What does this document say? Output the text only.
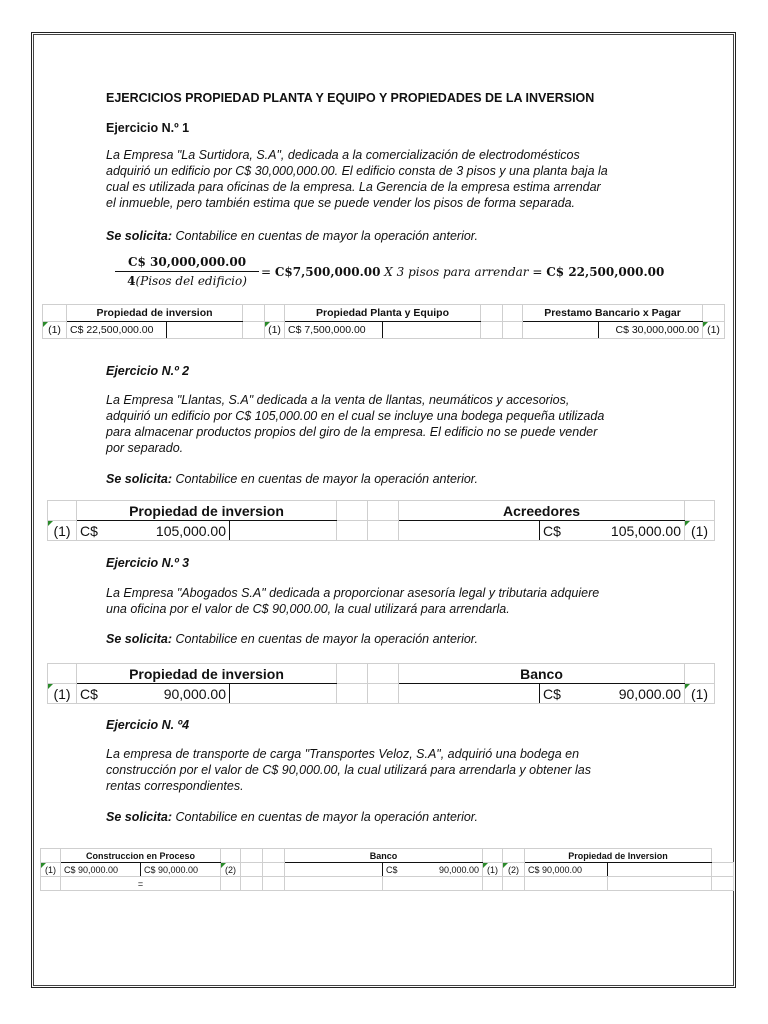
EJERCICIOS PROPIEDAD PLANTA Y EQUIPO Y PROPIEDADES DE LA INVERSION
Ejercicio N.º 1
La Empresa "La Surtidora, S.A", dedicada a la comercialización de electrodomésticos
adquirió un edificio por C$ 30,000,000.00. El edificio consta de 3 pisos y una planta baja la
cual es utilizada para oficinas de la empresa. La Gerencia de la empresa estima arrendar
el inmueble, pero también estima que se puede vender los pisos de forma separada.
Se solicita: Contabilice en cuentas de mayor la operación anterior.
C$ 30,000,000.00
4(Pisos del edificio)
= C$7,500,000.00 X 3 pisos para arrendar = C$ 22,500,000.00
	Propiedad de inversion				Propiedad Planta y Equipo				Prestamo Bancario x Pagar		
(1)	C$ 22,500,000.00			(1)	C$ 7,500,000.00					C$ 30,000,000.00	(1)
Ejercicio N.º 2
La Empresa "Llantas, S.A" dedicada a la venta de llantas, neumáticos y accesorios,
adquirió un edificio por C$ 105,000.00 en el cual se incluye una bodega pequeña utilizada
para almacenar productos propios del giro de la empresa. El edificio no se puede vender
por separado.
Se solicita: Contabilice en cuentas de mayor la operación anterior.
	Propiedad de inversion				Acreedores		
(1)	C$ 105,000.00					C$ 105,000.00	(1)
Ejercicio N.º 3
La Empresa "Abogados S.A" dedicada a proporcionar asesoría legal y tributaria adquiere
una oficina por el valor de C$ 90,000.00, la cual utilizará para arrendarla.
Se solicita: Contabilice en cuentas de mayor la operación anterior.
	Propiedad de inversion				Banco		
(1)	C$ 90,000.00					C$ 90,000.00	(1)
Ejercicio N. º4
La empresa de transporte de carga "Transportes Veloz, S.A", adquirió una bodega en
construcción por el valor de C$ 90,000.00, la cual utilizará para arrendarla y obtener las
rentas correspondientes.
Se solicita: Contabilice en cuentas de mayor la operación anterior.
	Construccion en Proceso					Banco				Propiedad de Inversion		
(1)	C$ 90,000.00	C$ 90,000.00	(2)				C$ 90,000.00	(1)	(2)	C$ 90,000.00		
	=											
